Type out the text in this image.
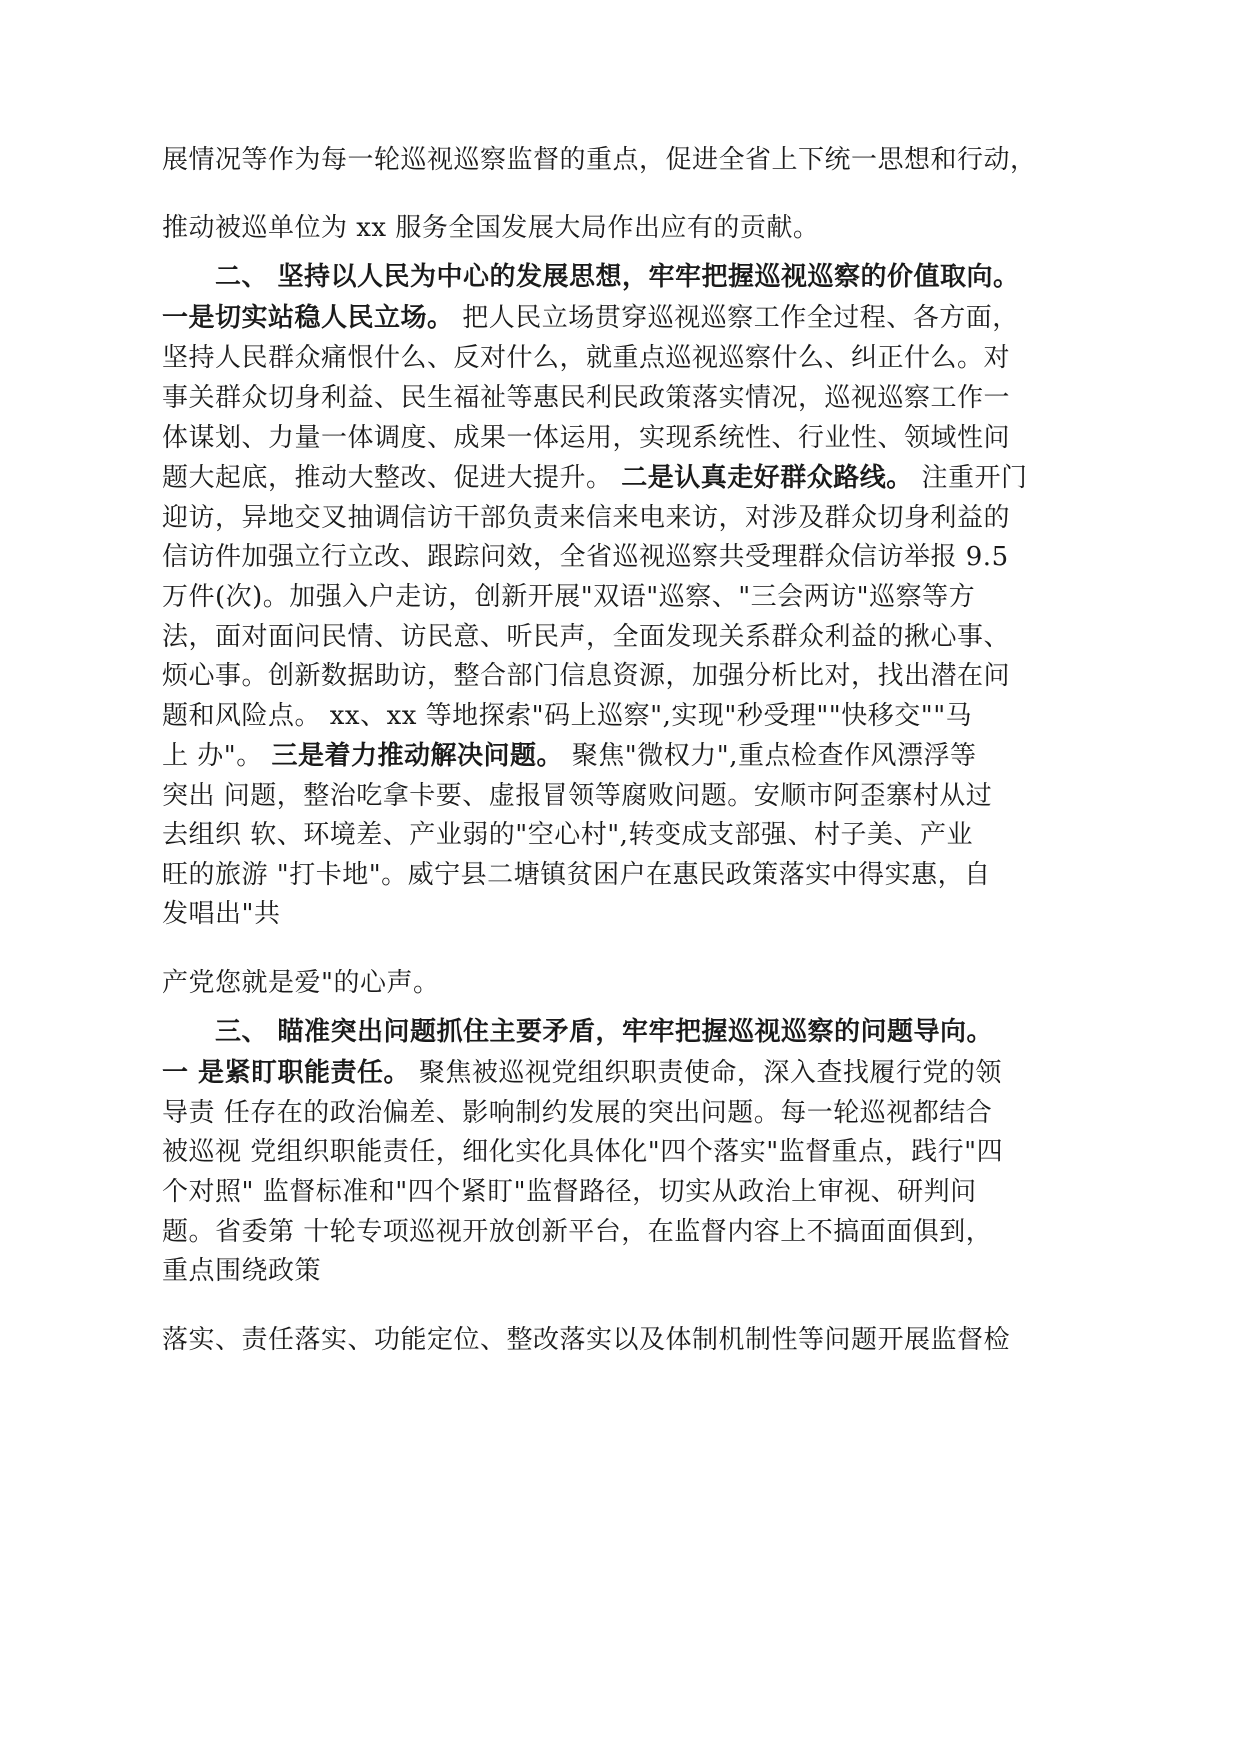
展情况等作为每一轮巡视巡察监督的重点，促进全省上下统一思想和行动，
推动被巡单位为 xx 服务全国发展大局作出应有的贡献。
　　二、 坚持以人民为中心的发展思想，牢牢把握巡视巡察的价值取向。
一是切实站稳人民立场。 把人民立场贯穿巡视巡察工作全过程、各方面，
坚持人民群众痛恨什么、反对什么，就重点巡视巡察什么、纠正什么。对
事关群众切身利益、民生福祉等惠民利民政策落实情况，巡视巡察工作一
体谋划、力量一体调度、成果一体运用，实现系统性、行业性、领域性问
题大起底，推动大整改、促进大提升。 二是认真走好群众路线。 注重开门
迎访，异地交叉抽调信访干部负责来信来电来访，对涉及群众切身利益的
信访件加强立行立改、跟踪问效，全省巡视巡察共受理群众信访举报 9.5
万件(次)。加强入户走访，创新开展"双语"巡察、"三会两访"巡察等方
法，面对面问民情、访民意、听民声，全面发现关系群众利益的揪心事、
烦心事。创新数据助访，整合部门信息资源，加强分析比对，找出潜在问
题和风险点。 xx、xx 等地探索"码上巡察",实现"秒受理""快移交""马
上 办"。 三是着力推动解决问题。 聚焦"微权力",重点检查作风漂浮等
突出 问题，整治吃拿卡要、虚报冒领等腐败问题。安顺市阿歪寨村从过
去组织 软、环境差、产业弱的"空心村",转变成支部强、村子美、产业
旺的旅游 "打卡地"。威宁县二塘镇贫困户在惠民政策落实中得实惠，自
发唱出"共
产党您就是爱"的心声。
　　三、 瞄准突出问题抓住主要矛盾，牢牢把握巡视巡察的问题导向。
一 是紧盯职能责任。 聚焦被巡视党组织职责使命，深入查找履行党的领
导责 任存在的政治偏差、影响制约发展的突出问题。每一轮巡视都结合
被巡视 党组织职能责任，细化实化具体化"四个落实"监督重点，践行"四
个对照" 监督标准和"四个紧盯"监督路径，切实从政治上审视、研判问
题。省委第 十轮专项巡视开放创新平台，在监督内容上不搞面面俱到，
重点围绕政策
落实、责任落实、功能定位、整改落实以及体制机制性等问题开展监督检
